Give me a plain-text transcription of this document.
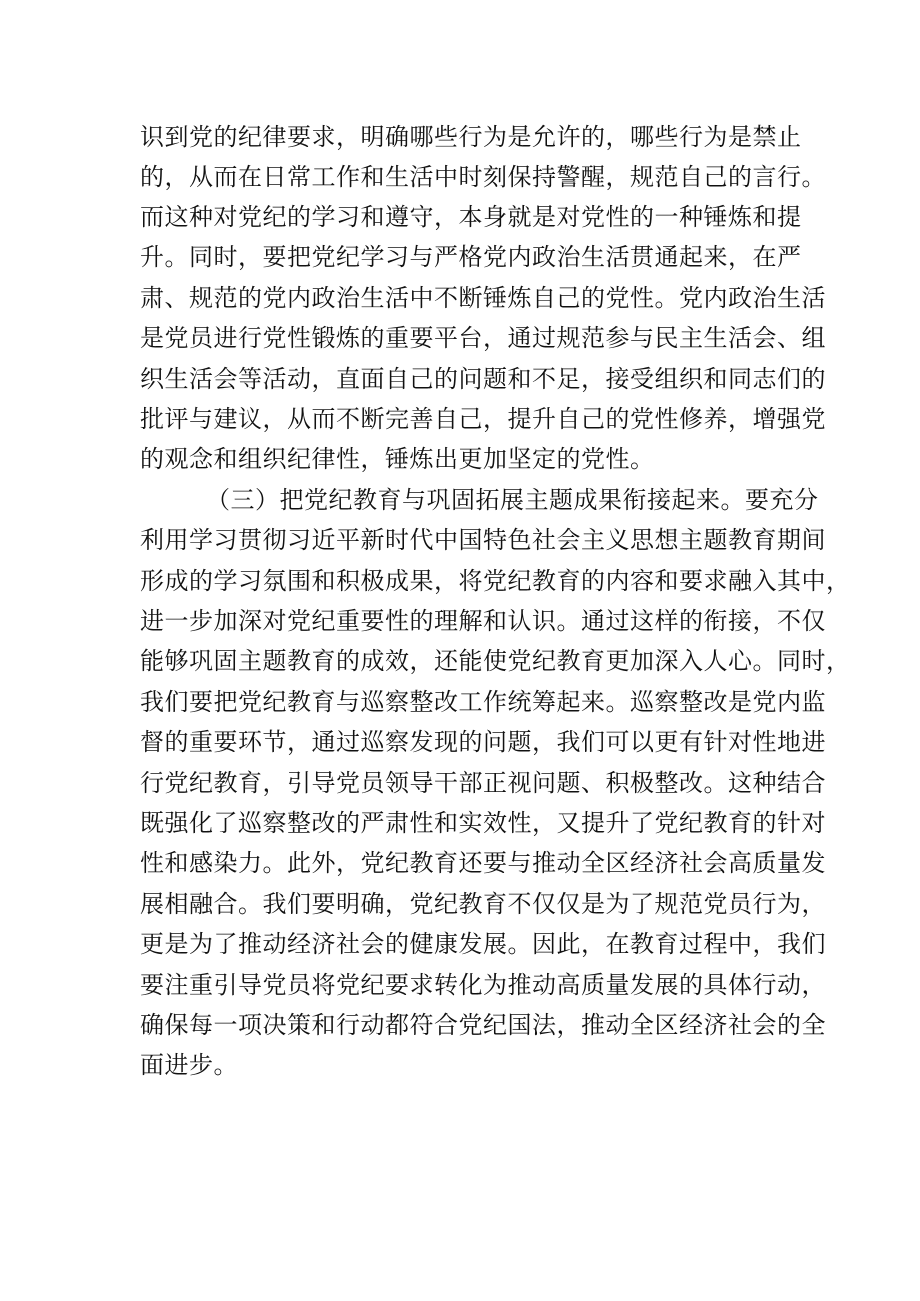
识到党的纪律要求，明确哪些行为是允许的，哪些行为是禁止
的，从而在日常工作和生活中时刻保持警醒，规范自己的言行。
而这种对党纪的学习和遵守，本身就是对党性的一种锤炼和提
升。同时，要把党纪学习与严格党内政治生活贯通起来，在严
肃、规范的党内政治生活中不断锤炼自己的党性。党内政治生活
是党员进行党性锻炼的重要平台，通过规范参与民主生活会、组
织生活会等活动，直面自己的问题和不足，接受组织和同志们的
批评与建议，从而不断完善自己，提升自己的党性修养，增强党
的观念和组织纪律性，锤炼出更加坚定的党性。
（三）把党纪教育与巩固拓展主题成果衔接起来。要充分
利用学习贯彻习近平新时代中国特色社会主义思想主题教育期间
形成的学习氛围和积极成果，将党纪教育的内容和要求融入其中，
进一步加深对党纪重要性的理解和认识。通过这样的衔接，不仅
能够巩固主题教育的成效，还能使党纪教育更加深入人心。同时，
我们要把党纪教育与巡察整改工作统筹起来。巡察整改是党内监
督的重要环节，通过巡察发现的问题，我们可以更有针对性地进
行党纪教育，引导党员领导干部正视问题、积极整改。这种结合
既强化了巡察整改的严肃性和实效性，又提升了党纪教育的针对
性和感染力。此外，党纪教育还要与推动全区经济社会高质量发
展相融合。我们要明确，党纪教育不仅仅是为了规范党员行为，
更是为了推动经济社会的健康发展。因此，在教育过程中，我们
要注重引导党员将党纪要求转化为推动高质量发展的具体行动，
确保每一项决策和行动都符合党纪国法，推动全区经济社会的全
面进步。
